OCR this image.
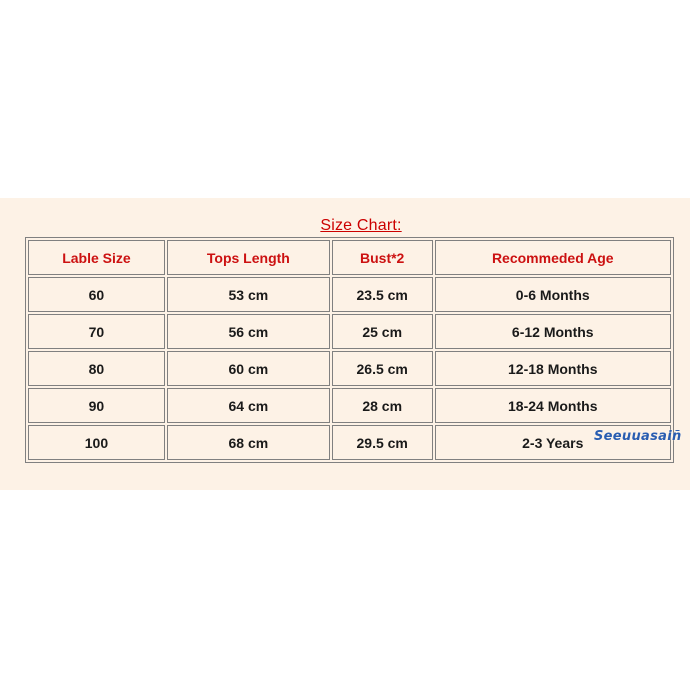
Size Chart:
Lable Size	Tops Length	Bust*2	Recommeded Age
60	53 cm	23.5 cm	0-6 Months
70	56 cm	25 cm	6-12 Months
80	60 cm	26.5 cm	12-18 Months
90	64 cm	28 cm	18-24 Months
100	68 cm	29.5 cm	2-3 Years Seeuuasaiñ
